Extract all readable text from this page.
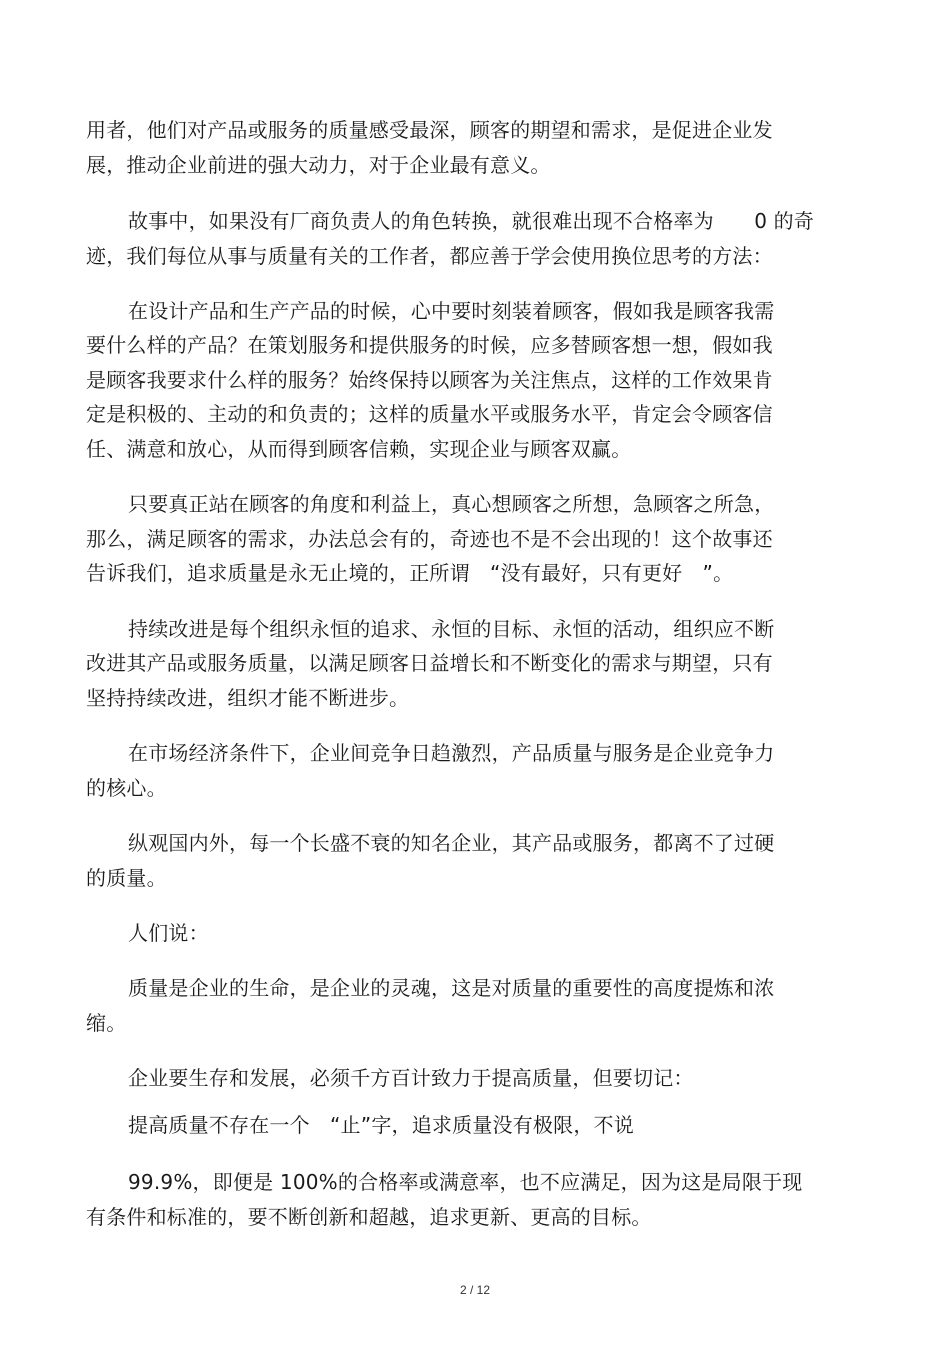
用者，他们对产品或服务的质量感受最深，顾客的期望和需求，是促进企业发
展，推动企业前进的强大动力，对于企业最有意义。
故事中，如果没有厂商负责人的角色转换，就很难出现不合格率为　　0 的奇
迹，我们每位从事与质量有关的工作者，都应善于学会使用换位思考的方法：
在设计产品和生产产品的时候，心中要时刻装着顾客，假如我是顾客我需
要什么样的产品？在策划服务和提供服务的时候，应多替顾客想一想，假如我
是顾客我要求什么样的服务？始终保持以顾客为关注焦点，这样的工作效果肯
定是积极的、主动的和负责的；这样的质量水平或服务水平，肯定会令顾客信
任、满意和放心，从而得到顾客信赖，实现企业与顾客双赢。
只要真正站在顾客的角度和利益上，真心想顾客之所想，急顾客之所急，
那么，满足顾客的需求，办法总会有的，奇迹也不是不会出现的！这个故事还
告诉我们，追求质量是永无止境的，正所谓　“没有最好，只有更好　”。
持续改进是每个组织永恒的追求、永恒的目标、永恒的活动，组织应不断
改进其产品或服务质量，以满足顾客日益增长和不断变化的需求与期望，只有
坚持持续改进，组织才能不断进步。
在市场经济条件下，企业间竞争日趋激烈，产品质量与服务是企业竞争力
的核心。
纵观国内外，每一个长盛不衰的知名企业，其产品或服务，都离不了过硬
的质量。
人们说：
质量是企业的生命，是企业的灵魂，这是对质量的重要性的高度提炼和浓
缩。
企业要生存和发展，必须千方百计致力于提高质量，但要切记：
提高质量不存在一个　“止”字，追求质量没有极限，不说
99.9%，即便是 100%的合格率或满意率，也不应满足，因为这是局限于现
有条件和标准的，要不断创新和超越，追求更新、更高的目标。
2 / 12
